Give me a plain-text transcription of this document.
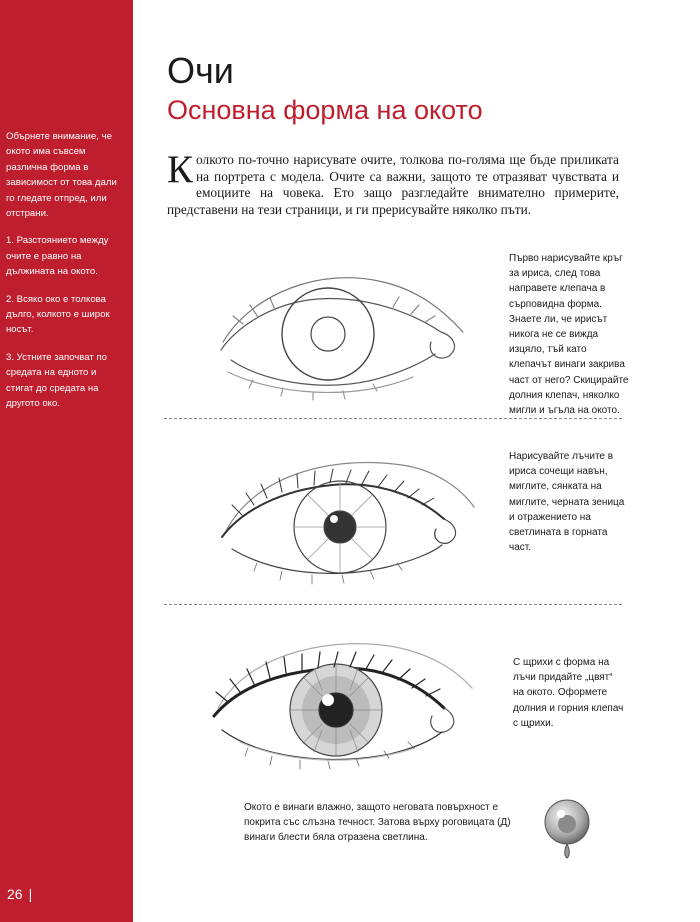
Обърнете внимание, че окото има съвсем различна форма в зависимост от това дали го гледате отпред, или отстрани.

1. Разстоянието между очите е равно на дължината на окото.

2. Всяко око е толкова дълго, колкото е широк носът.

3. Устните започват по средата на едното и стигат до средата на другото око.

26 |
Очи
Основна форма на окото

Колкото по-точно нарисувате очите, толкова по-голяма ще бъде приликата на портрета с модела. Очите са важни, защото те отразяват чувствата и емоциите на човека. Ето защо разгледайте внимателно примерите, представени на тези страници, и ги прерисувайте няколко пъти.

Първо нарисувайте кръг за ириса, след това направете клепача в сърповидна форма. Знаете ли, че ирисът никога не се вижда изцяло, тъй като клепачът винаги закрива част от него? Скицирайте долния клепач, няколко мигли и ъгъла на окото.

Нарисувайте лъчите в ириса сочещи навън, миглите, сянката на миглите, черната зеница и отражението на светлината в горната част.

С щрихи с форма на лъчи придайте „цвят“ на окото. Оформете долния и горния клепач с щрихи.

Окото е винаги влажно, защото неговата повърхност е покрита със слъзна течност. Затова върху роговицата (Д) винаги блести бяла отразена светлина.
